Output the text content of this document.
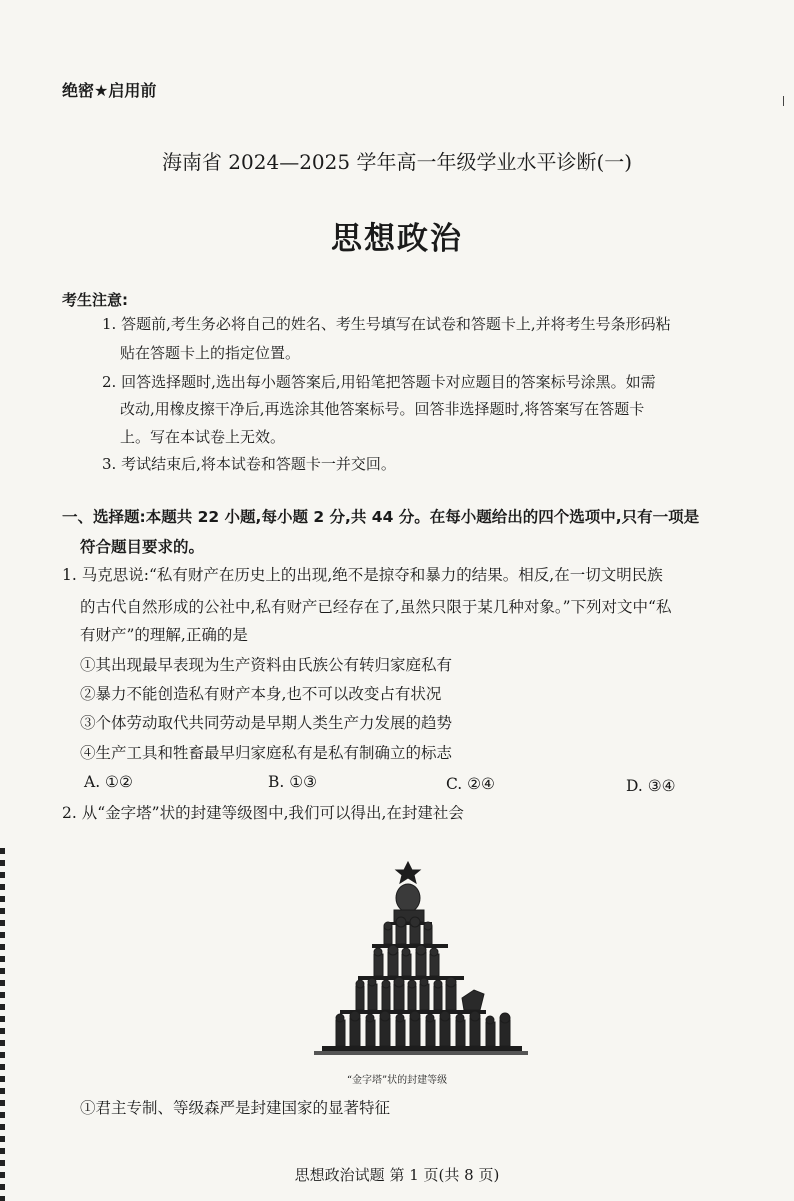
绝密★启用前
海南省 2024—2025 学年高一年级学业水平诊断(一)
思想政治
考生注意:
1. 答题前,考生务必将自己的姓名、考生号填写在试卷和答题卡上,并将考生号条形码粘
贴在答题卡上的指定位置。
2. 回答选择题时,选出每小题答案后,用铅笔把答题卡对应题目的答案标号涂黑。如需
改动,用橡皮擦干净后,再选涂其他答案标号。回答非选择题时,将答案写在答题卡
上。写在本试卷上无效。
3. 考试结束后,将本试卷和答题卡一并交回。
一、选择题:本题共 22 小题,每小题 2 分,共 44 分。在每小题给出的四个选项中,只有一项是
符合题目要求的。
1. 马克思说:“私有财产在历史上的出现,绝不是掠夺和暴力的结果。相反,在一切文明民族
的古代自然形成的公社中,私有财产已经存在了,虽然只限于某几种对象。”下列对文中“私
有财产”的理解,正确的是
①其出现最早表现为生产资料由氏族公有转归家庭私有
②暴力不能创造私有财产本身,也不可以改变占有状况
③个体劳动取代共同劳动是早期人类生产力发展的趋势
④生产工具和牲畜最早归家庭私有是私有制确立的标志
A. ①②	B. ①③	C. ②④	D. ③④
2. 从“金字塔”状的封建等级图中,我们可以得出,在封建社会
“金字塔”状的封建等级
①君主专制、等级森严是封建国家的显著特征
思想政治试题 第 1 页(共 8 页)
